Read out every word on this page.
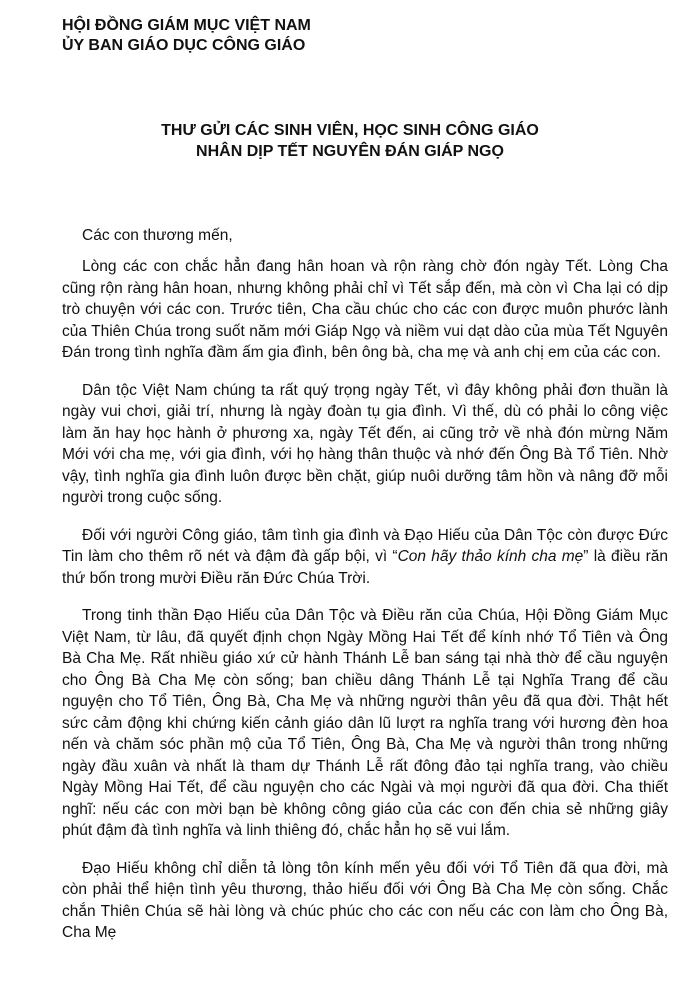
HỘI ĐỒNG GIÁM MỤC VIỆT NAM
ỦY BAN GIÁO DỤC CÔNG GIÁO
THƯ GỬI CÁC SINH VIÊN, HỌC SINH CÔNG GIÁO
NHÂN DỊP TẾT NGUYÊN ĐÁN GIÁP NGỌ
Các con thương mến,

Lòng các con chắc hẳn đang hân hoan và rộn ràng chờ đón ngày Tết. Lòng Cha cũng rộn ràng hân hoan, nhưng không phải chỉ vì Tết sắp đến, mà còn vì Cha lại có dịp trò chuyện với các con. Trước tiên, Cha cầu chúc cho các con được muôn phước lành của Thiên Chúa trong suốt năm mới Giáp Ngọ và niềm vui dạt dào của mùa Tết Nguyên Đán trong tình nghĩa đầm ấm gia đình, bên ông bà, cha mẹ và anh chị em của các con.

Dân tộc Việt Nam chúng ta rất quý trọng ngày Tết, vì đây không phải đơn thuần là ngày vui chơi, giải trí, nhưng là ngày đoàn tụ gia đình. Vì thế, dù có phải lo công việc làm ăn hay học hành ở phương xa, ngày Tết đến, ai cũng trở về nhà đón mừng Năm Mới với cha mẹ, với gia đình, với họ hàng thân thuộc và nhớ đến Ông Bà Tổ Tiên. Nhờ vậy, tình nghĩa gia đình luôn được bền chặt, giúp nuôi dưỡng tâm hồn và nâng đỡ mỗi người trong cuộc sống.

Đối với người Công giáo, tâm tình gia đình và Đạo Hiếu của Dân Tộc còn được Đức Tin làm cho thêm rõ nét và đậm đà gấp bội, vì “Con hãy thảo kính cha mẹ” là điều răn thứ bốn trong mười Điều răn Đức Chúa Trời.

Trong tinh thần Đạo Hiếu của Dân Tộc và Điều răn của Chúa, Hội Đồng Giám Mục Việt Nam, từ lâu, đã quyết định chọn Ngày Mồng Hai Tết để kính nhớ Tổ Tiên và Ông Bà Cha Mẹ. Rất nhiều giáo xứ cử hành Thánh Lễ ban sáng tại nhà thờ để cầu nguyện cho Ông Bà Cha Mẹ còn sống; ban chiều dâng Thánh Lễ tại Nghĩa Trang để cầu nguyện cho Tổ Tiên, Ông Bà, Cha Mẹ và những người thân yêu đã qua đời. Thật hết sức cảm động khi chứng kiến cảnh giáo dân lũ lượt ra nghĩa trang với hương đèn hoa nến và chăm sóc phần mộ của Tổ Tiên, Ông Bà, Cha Mẹ và người thân trong những ngày đầu xuân và nhất là tham dự Thánh Lễ rất đông đảo tại nghĩa trang, vào chiều Ngày Mồng Hai Tết, để cầu nguyện cho các Ngài và mọi người đã qua đời. Cha thiết nghĩ: nếu các con mời bạn bè không công giáo của các con đến chia sẻ những giây phút đậm đà tình nghĩa và linh thiêng đó, chắc hẳn họ sẽ vui lắm.

Đạo Hiếu không chỉ diễn tả lòng tôn kính mến yêu đối với Tổ Tiên đã qua đời, mà còn phải thể hiện tình yêu thương, thảo hiếu đối với Ông Bà Cha Mẹ còn sống. Chắc chắn Thiên Chúa sẽ hài lòng và chúc phúc cho các con nếu các con làm cho Ông Bà, Cha Mẹ
